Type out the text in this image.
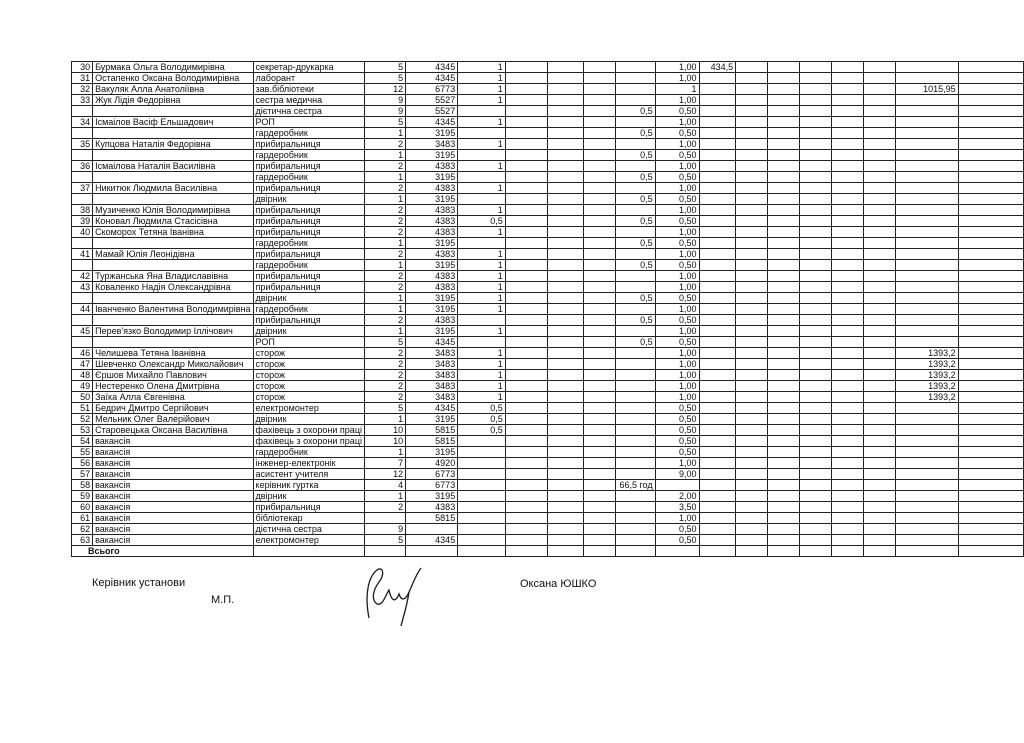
30	Бурмака Ольга Володимирівна	секретар-друкарка	5	4345	1					1,00	434,5							
31	Остапенко Оксана Володимирівна	лаборант	5	4345	1					1,00								
32	Вакуляк Алла Анатоліївна	зав.бібліотеки	12	6773	1					1							1015,95	
33	Жук Лідія Федорівна	сестра медична	9	5527	1					1,00								
		дієтична сестра	9	5527					0,5	0,50								
34	Ісмаілов Васіф Ельшадович	РОП	5	4345	1					1,00								
		гардеробник	1	3195					0,5	0,50								
35	Купцова Наталія Федорівна	прибиральниця	2	3483	1					1,00								
		гардеробник	1	3195					0,5	0,50								
36	Ісмаілова Наталія Василівна	прибиральниця	2	4383	1					1,00								
		гардеробник	1	3195					0,5	0,50								
37	Никитюк Людмила Василівна	прибиральниця	2	4383	1					1,00								
		двірник	1	3195					0,5	0,50								
38	Музиченко Юлія Володимирівна	прибиральниця	2	4383	1					1,00								
39	Коновал Людмила Стасісівна	прибиральниця	2	4383	0,5				0,5	0,50								
40	Скоморох Тетяна Іванівна	прибиральниця	2	4383	1					1,00								
		гардеробник	1	3195					0,5	0,50								
41	Мамай Юлія Леонідівна	прибиральниця	2	4383	1					1,00								
		гардеробник	1	3195	1				0,5	0,50								
42	Туржанська Яна Владиславівна	прибиральниця	2	4383	1					1,00								
43	Коваленко Надія Олександрівна	прибиральниця	2	4383	1					1,00								
		двірник	1	3195	1				0,5	0,50								
44	Іванченко Валентина Володимирівна	гардеробник	1	3195	1					1,00								
		прибиральниця	2	4383					0,5	0,50								
45	Перев'язко Володимир Іллічович	двірник	1	3195	1					1,00								
		РОП	5	4345					0,5	0,50								
46	Челишева Тетяна Іванівна	сторож	2	3483	1					1,00							1393,2	
47	Шевченко Олександр Миколайович	сторож	2	3483	1					1,00							1393,2	
48	Єршов Михайло Павлович	сторож	2	3483	1					1,00							1393,2	
49	Нестеренко Олена Дмитрівна	сторож	2	3483	1					1,00							1393,2	
50	Заїка Алла Євгенівна	сторож	2	3483	1					1,00							1393,2	
51	Бедрич Дмитро Сергійович	електромонтер	5	4345	0,5					0,50								
52	Мельник Олег Валерійович	двірник	1	3195	0,5					0,50								
53	Старовецька Оксана Василівна	фахівець з охорони праці	10	5815	0,5					0,50								
54	вакансія	фахівець з охорони праці	10	5815						0,50								
55	вакансія	гардеробник	1	3195						0,50								
56	вакансія	інженер-електронік	7	4920						1,00								
57	вакансія	асистент учителя	12	6773						9,00								
58	вакансія	керівник гуртка	4	6773					66,5 год									
59	вакансія	двірник	1	3195						2,00								
60	вакансія	прибиральниця	2	4383						3,50								
61	вакансія	бібліотекар		5815						1,00								
62	вакансія	дієтична сестра	9							0,50								
63	вакансія	електромонтер	5	4345						0,50								
Всього																		
Керівник установи
М.П.
Оксана ЮШКО
